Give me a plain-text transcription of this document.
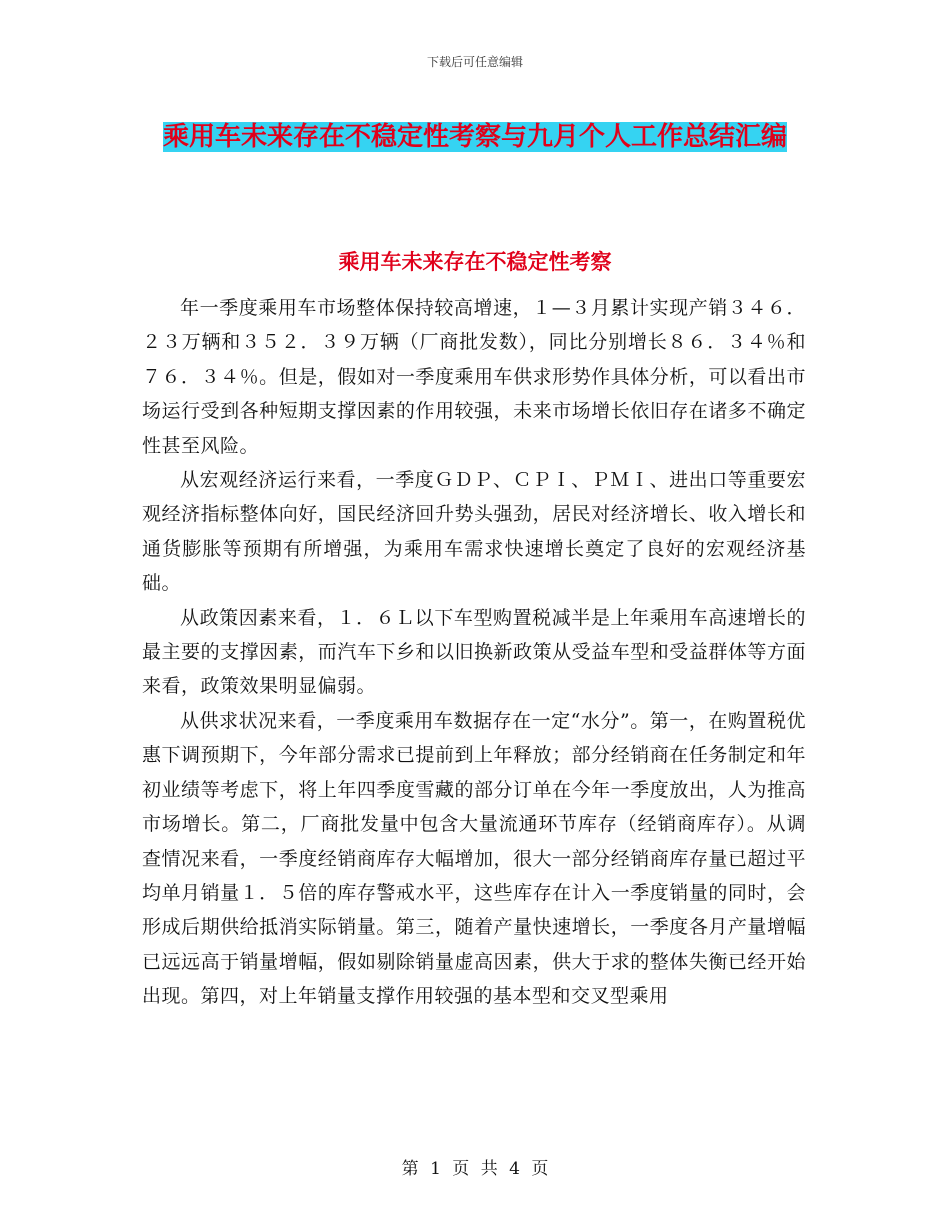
下载后可任意编辑
乘用车未来存在不稳定性考察与九月个人工作总结汇编
乘用车未来存在不稳定性考察

年一季度乘用车市场整体保持较高增速，１—３月累计实现产销３４６．２３万辆和３５２．３９万辆（厂商批发数），同比分别增长８６．３４％和７６．３４％。但是，假如对一季度乘用车供求形势作具体分析，可以看出市场运行受到各种短期支撑因素的作用较强，未来市场增长依旧存在诸多不确定性甚至风险。

从宏观经济运行来看，一季度ＧＤＰ、ＣＰＩ、ＰＭＩ、进出口等重要宏观经济指标整体向好，国民经济回升势头强劲，居民对经济增长、收入增长和通货膨胀等预期有所增强，为乘用车需求快速增长奠定了良好的宏观经济基础。

从政策因素来看，１．６Ｌ以下车型购置税减半是上年乘用车高速增长的最主要的支撑因素，而汽车下乡和以旧换新政策从受益车型和受益群体等方面来看，政策效果明显偏弱。

从供求状况来看，一季度乘用车数据存在一定“水分”。第一，在购置税优惠下调预期下，今年部分需求已提前到上年释放；部分经销商在任务制定和年初业绩等考虑下，将上年四季度雪藏的部分订单在今年一季度放出，人为推高市场增长。第二，厂商批发量中包含大量流通环节库存（经销商库存）。从调查情况来看，一季度经销商库存大幅增加，很大一部分经销商库存量已超过平均单月销量１．５倍的库存警戒水平，这些库存在计入一季度销量的同时，会形成后期供给抵消实际销量。第三，随着产量快速增长，一季度各月产量增幅已远远高于销量增幅，假如剔除销量虚高因素，供大于求的整体失衡已经开始出现。第四，对上年销量支撑作用较强的基本型和交叉型乘用

第 1 页 共 4 页
